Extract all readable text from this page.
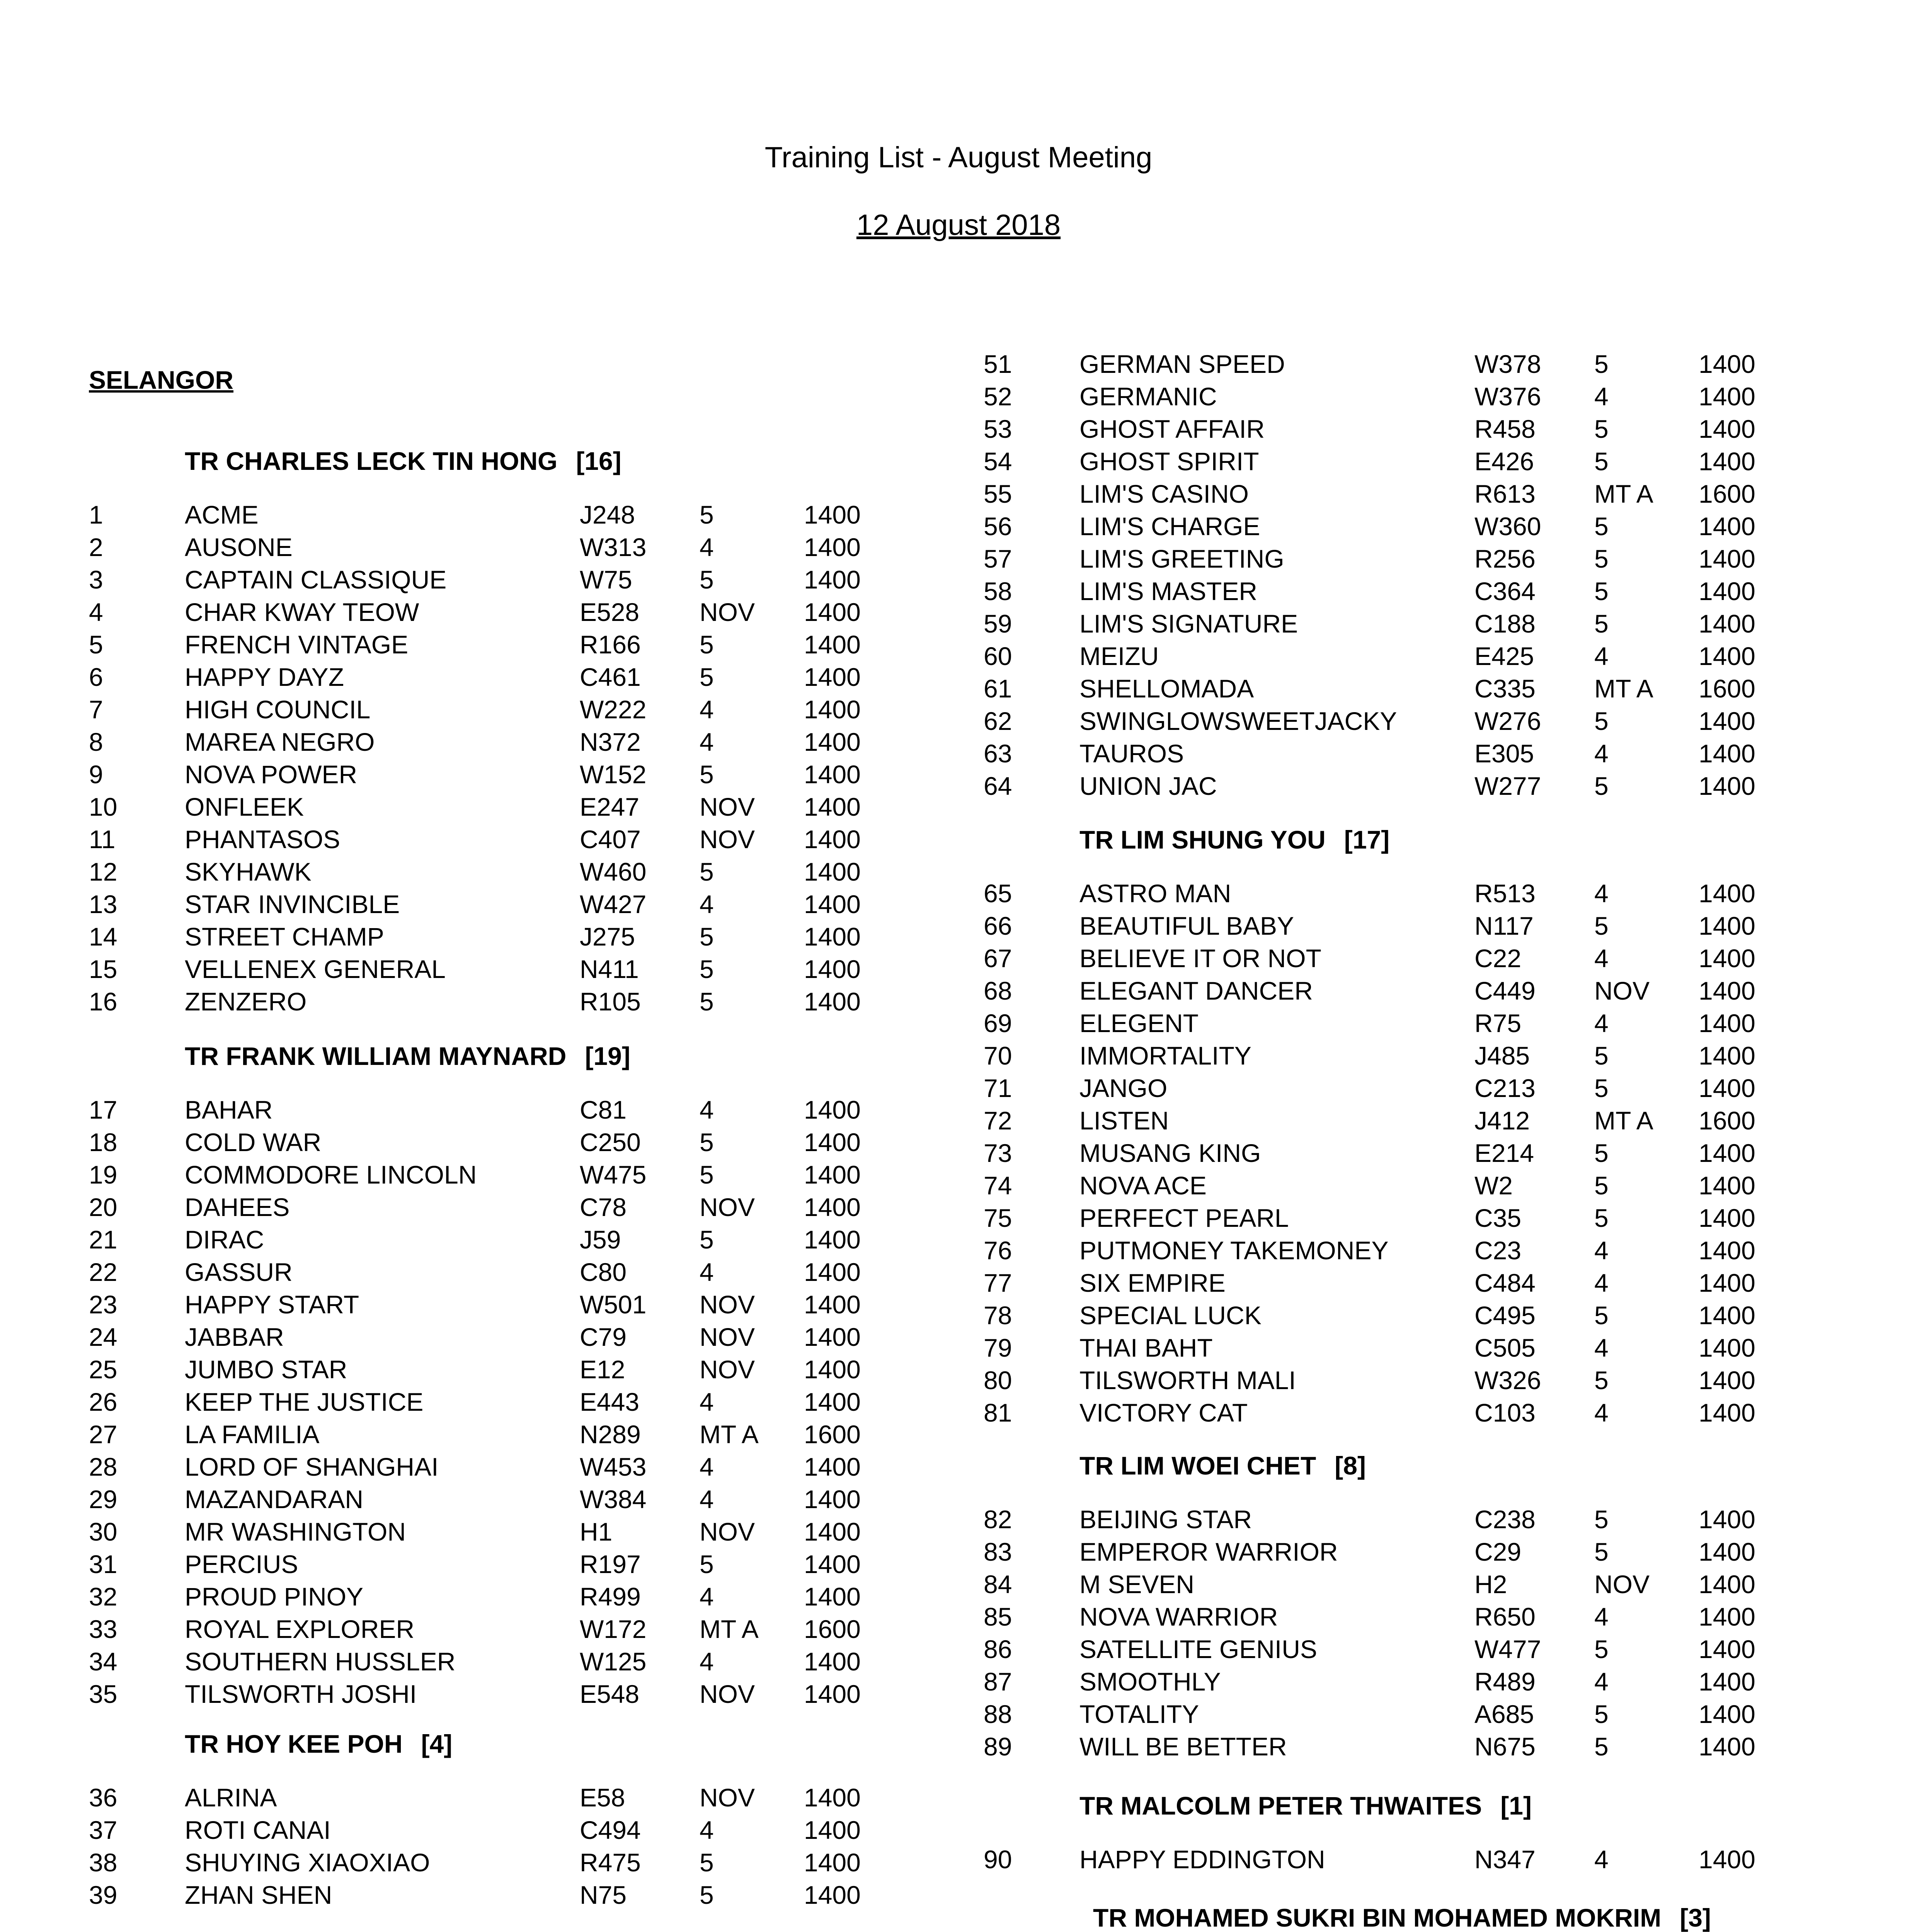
Training List - August Meeting
12 August 2018
SELANGOR
TR CHARLES LECK TIN HONG [16]
1	ACME	J248	5	1400
2	AUSONE	W313 4	1400
3	CAPTAIN CLASSIQUE	W75	5	1400
4	CHAR KWAY TEOW	E528 NOV 1400
5	FRENCH VINTAGE	R166 5	1400
6	HAPPY DAYZ	C461 5	1400
7	HIGH COUNCIL	W222 4	1400
8	MAREA NEGRO	N372 4	1400
9	NOVA POWER	W152 5	1400
10	ONFLEEK	E247 NOV 1400
11	PHANTASOS	C407 NOV 1400
12	SKYHAWK	W460 5	1400
13	STAR INVINCIBLE	W427 4	1400
14	STREET CHAMP	J275	5	1400
15	VELLENEX GENERAL	N411 5	1400
16	ZENZERO	R105 5	1400
TR FRANK WILLIAM MAYNARD [19]
17	BAHAR	C81	4	1400
18	COLD WAR	C250 5	1400
19	COMMODORE LINCOLN	W475 5	1400
20	DAHEES	C78	NOV 1400
21	DIRAC	J59	5	1400
22	GASSUR	C80	4	1400
23	HAPPY START	W501 NOV 1400
24	JABBAR	C79	NOV 1400
25	JUMBO STAR	E12	NOV 1400
26	KEEP THE JUSTICE	E443 4	1400
27	LA FAMILIA	N289 MT A 1600
28	LORD OF SHANGHAI	W453 4	1400
29	MAZANDARAN	W384 4	1400
30	MR WASHINGTON	H1	NOV 1400
31	PERCIUS	R197 5	1400
32	PROUD PINOY	R499 4	1400
33	ROYAL EXPLORER	W172 MT A 1600
34	SOUTHERN HUSSLER	W125 4	1400
35	TILSWORTH JOSHI	E548 NOV 1400
TR HOY KEE POH [4]
36	ALRINA	E58	NOV 1400
37	ROTI CANAI	C494 4	1400
38	SHUYING XIAOXIAO	R475 5	1400
39	ZHAN SHEN	N75	5	1400
51	GERMAN SPEED	W378 5	1400
52	GERMANIC	W376 4	1400
53	GHOST AFFAIR	R458 5	1400
54	GHOST SPIRIT	E426 5	1400
55	LIM'S CASINO	R613 MT A 1600
56	LIM'S CHARGE	W360 5	1400
57	LIM'S GREETING	R256 5	1400
58	LIM'S MASTER	C364 5	1400
59	LIM'S SIGNATURE	C188 5	1400
60	MEIZU	E425 4	1400
61	SHELLOMADA	C335 MT A 1600
62	SWINGLOWSWEETJACKY	W276 5	1400
63	TAUROS	E305 4	1400
64	UNION JAC	W277 5	1400
TR LIM SHUNG YOU [17]
65	ASTRO MAN	R513 4	1400
66	BEAUTIFUL BABY	N117 5	1400
67	BELIEVE IT OR NOT	C22	4	1400
68	ELEGANT DANCER	C449 NOV 1400
69	ELEGENT	R75	4	1400
70	IMMORTALITY	J485	5	1400
71	JANGO	C213 5	1400
72	LISTEN	J412	MT A 1600
73	MUSANG KING	E214 5	1400
74	NOVA ACE	W2	5	1400
75	PERFECT PEARL	C35	5	1400
76	PUTMONEY TAKEMONEY	C23	4	1400
77	SIX EMPIRE	C484 4	1400
78	SPECIAL LUCK	C495 5	1400
79	THAI BAHT	C505 4	1400
80	TILSWORTH MALI	W326 5	1400
81	VICTORY CAT	C103 4	1400
TR LIM WOEI CHET [8]
82	BEIJING STAR	C238 5	1400
83	EMPEROR WARRIOR	C29	5	1400
84	M SEVEN	H2	NOV 1400
85	NOVA WARRIOR	R650 4	1400
86	SATELLITE GENIUS	W477 5	1400
87	SMOOTHLY	R489 4	1400
88	TOTALITY	A685 5	1400
89	WILL BE BETTER	N675 5	1400
TR MALCOLM PETER THWAITES [1]
90	HAPPY EDDINGTON	N347 4	1400
TR MOHAMED SUKRI BIN MOHAMED MOKRIM [3]
